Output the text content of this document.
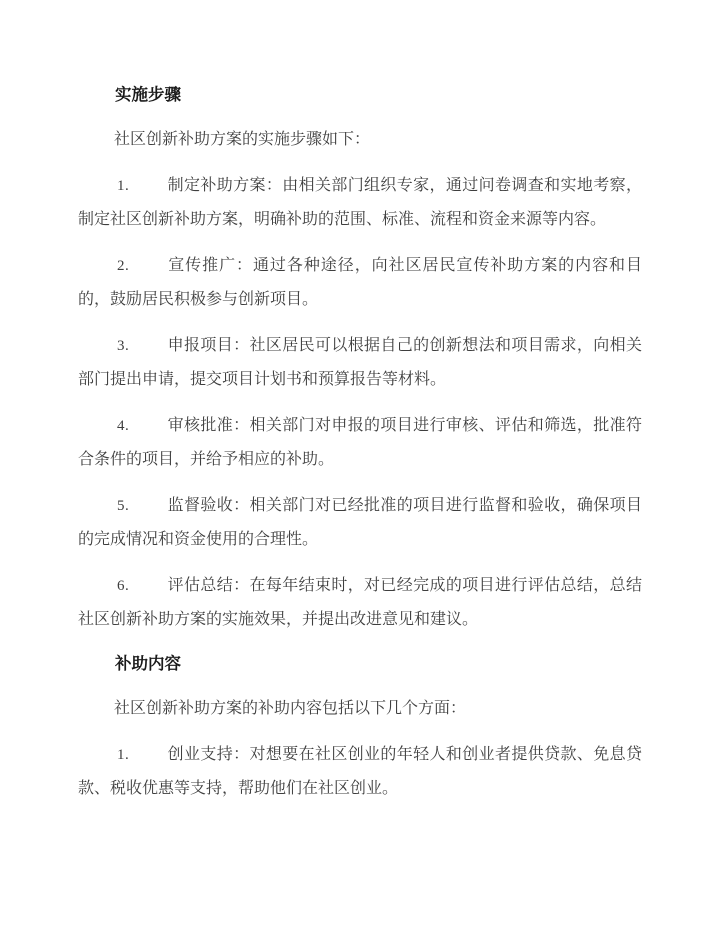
实施步骤

社区创新补助方案的实施步骤如下：

1. 制定补助方案：由相关部门组织专家，通过问卷调查和实地考察，制定社区创新补助方案，明确补助的范围、标准、流程和资金来源等内容。

2. 宣传推广：通过各种途径，向社区居民宣传补助方案的内容和目的，鼓励居民积极参与创新项目。

3. 申报项目：社区居民可以根据自己的创新想法和项目需求，向相关部门提出申请，提交项目计划书和预算报告等材料。

4. 审核批准：相关部门对申报的项目进行审核、评估和筛选，批准符合条件的项目，并给予相应的补助。

5. 监督验收：相关部门对已经批准的项目进行监督和验收，确保项目的完成情况和资金使用的合理性。

6. 评估总结：在每年结束时，对已经完成的项目进行评估总结，总结社区创新补助方案的实施效果，并提出改进意见和建议。

补助内容

社区创新补助方案的补助内容包括以下几个方面：

1. 创业支持：对想要在社区创业的年轻人和创业者提供贷款、免息贷款、税收优惠等支持，帮助他们在社区创业。
